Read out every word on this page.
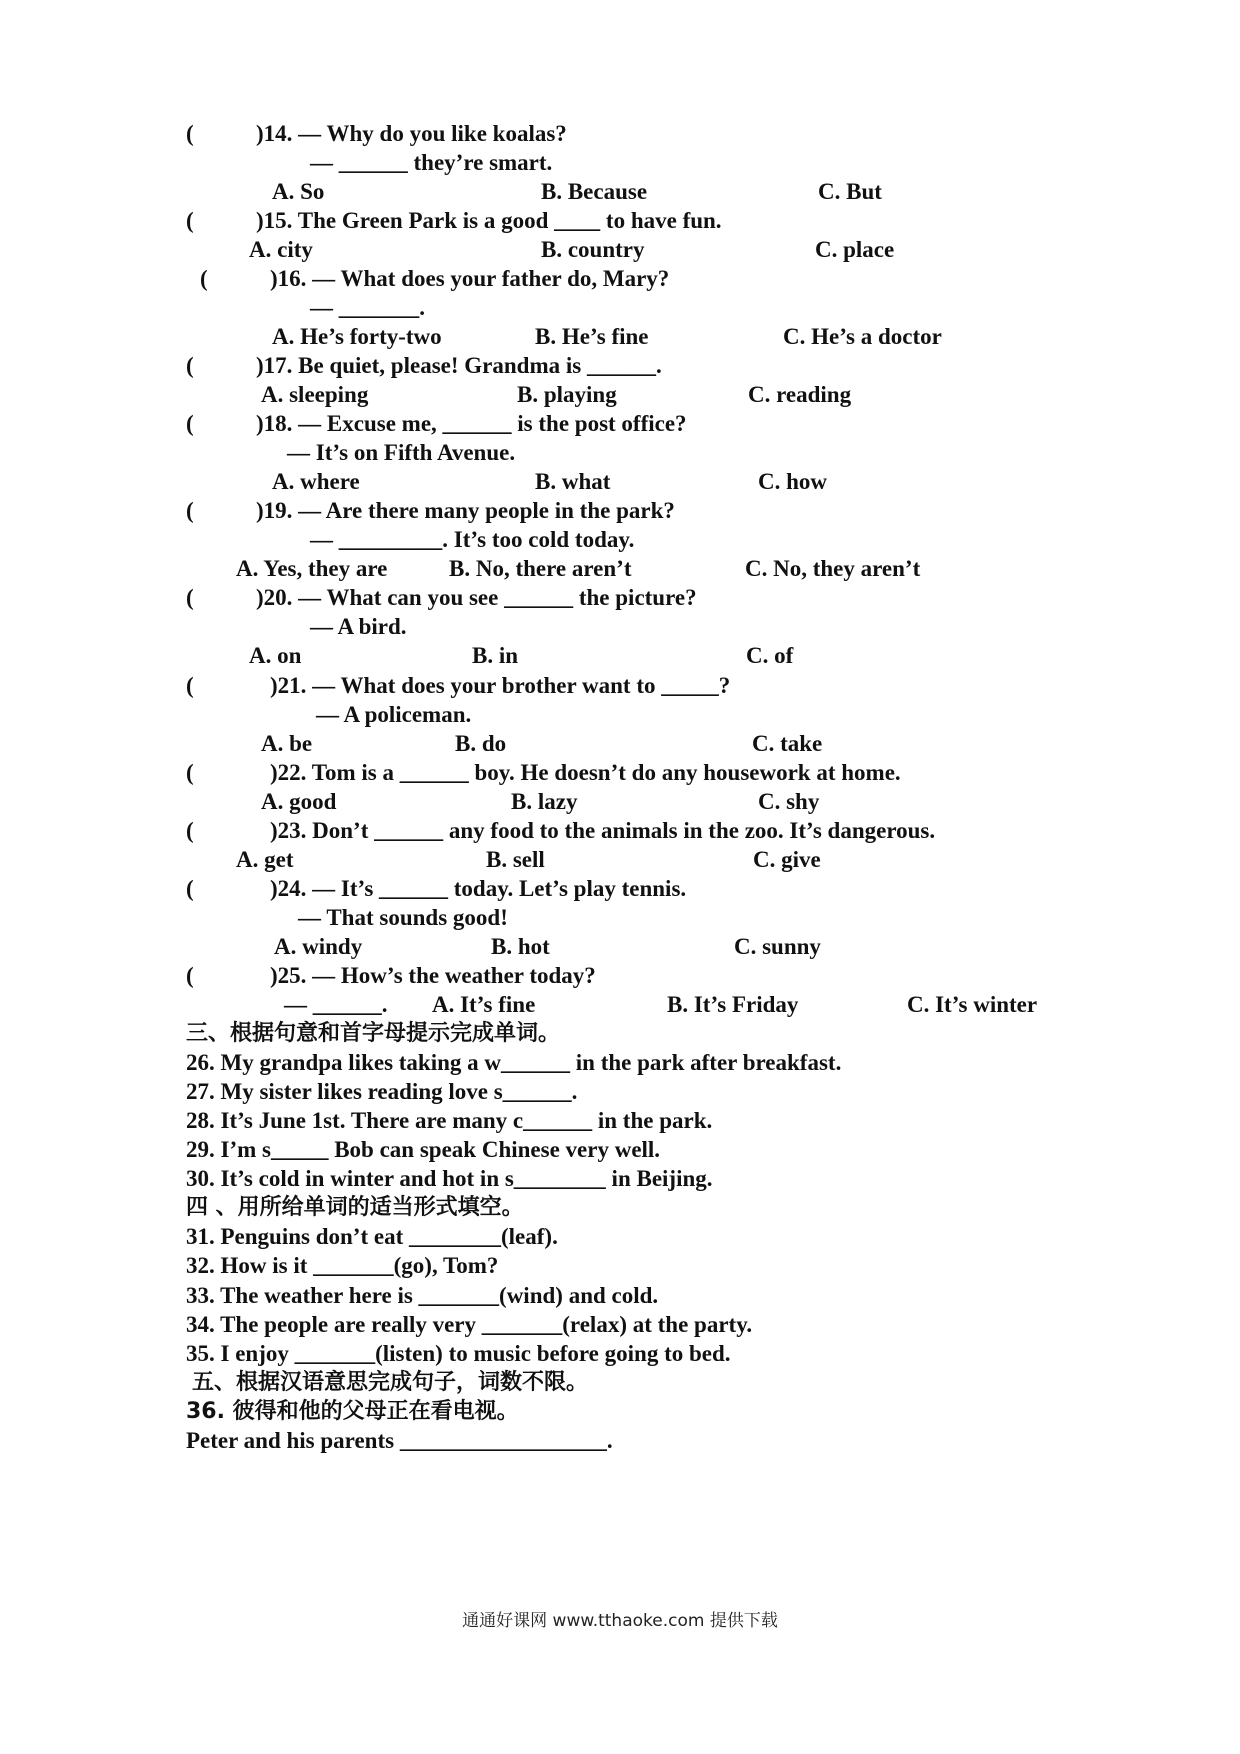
(	)14. — Why do you like koalas?
— ______ they’re smart.
A. So	B. Because	C. But
(	)15. The Green Park is a good ____ to have fun.
A. city	B. country	C. place
(	)16. — What does your father do, Mary?
— _______.
A. He’s forty-two	B. He’s fine	C. He’s a doctor
(	)17. Be quiet, please! Grandma is ______.
A. sleeping	B. playing	C. reading
(	)18. — Excuse me, ______ is the post office?
— It’s on Fifth Avenue.
A. where	B. what	C. how
(	)19. — Are there many people in the park?
— _________. It’s too cold today.
A. Yes, they are	B. No, there aren’t	C. No, they aren’t
(	)20. — What can you see ______ the picture?
— A bird.
A. on	B. in	C. of
(	)21. — What does your brother want to _____?
— A policeman.
A. be	B. do	C. take
(	)22. Tom is a ______ boy. He doesn’t do any housework at home.
A. good	B. lazy	C. shy
(	)23. Don’t ______ any food to the animals in the zoo. It’s dangerous.
A. get	B. sell	C. give
(	)24. — It’s ______ today. Let’s play tennis.
— That sounds good!
A. windy	B. hot	C. sunny
(	)25. — How’s the weather today?
— ______. A. It’s fine	B. It’s Friday	C. It’s winter
三、根据句意和首字母提示完成单词。
26. My grandpa likes taking a w______ in the park after breakfast.
27. My sister likes reading love s______.
28. It’s June 1st. There are many c______ in the park.
29. I’m s_____ Bob can speak Chinese very well.
30. It’s cold in winter and hot in s________ in Beijing.
四 、用所给单词的适当形式填空。
31. Penguins don’t eat ________(leaf).
32. How is it _______(go), Tom?
33. The weather here is _______(wind) and cold.
34. The people are really very _______(relax) at the party.
35. I enjoy _______(listen) to music before going to bed.
五、根据汉语意思完成句子，词数不限。
36. 彼得和他的父母正在看电视。
Peter and his parents __________________.
通通好课网 www.tthaoke.com 提供下载
